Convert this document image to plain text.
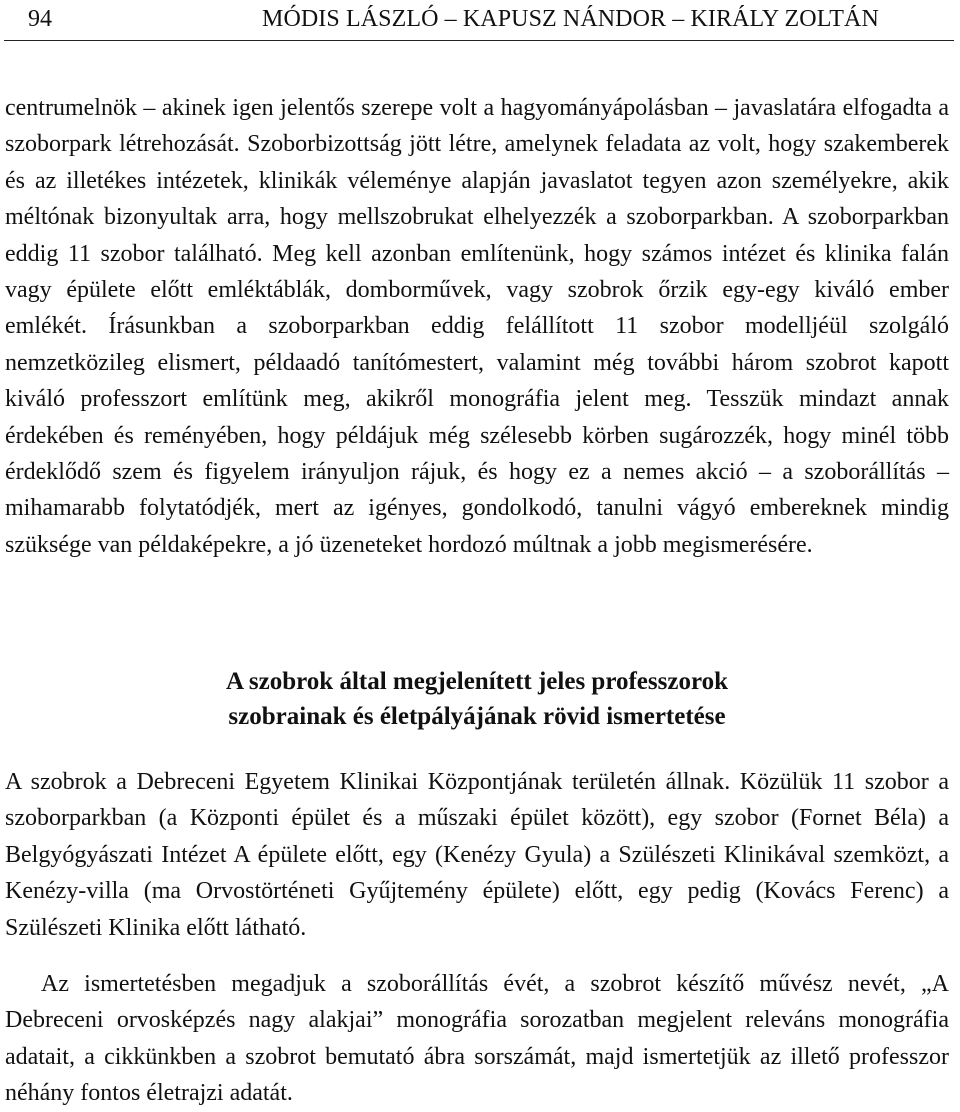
94	MÓDIS LÁSZLÓ – KAPUSZ NÁNDOR – KIRÁLY ZOLTÁN

centrumelnök – akinek igen jelentős szerepe volt a hagyományápolásban – javaslatára elfogadta a szoborpark létrehozását. Szoborbizottság jött létre, amelynek feladata az volt, hogy szakemberek és az illetékes intézetek, klinikák véleménye alapján javaslatot tegyen azon személyekre, akik méltónak bizonyultak arra, hogy mellszobrukat elhelyezzék a szoborparkban. A szoborparkban eddig 11 szobor található. Meg kell azonban említenünk, hogy számos intézet és klinika falán vagy épülete előtt emléktáblák, domborművek, vagy szobrok őrzik egy-egy kiváló ember emlékét. Írásunkban a szoborparkban eddig felállított 11 szobor modelljéül szolgáló nemzetközileg elismert, példaadó tanítómestert, valamint még további három szobrot kapott kiváló professzort említünk meg, akikről monográfia jelent meg. Tesszük mindazt annak érdekében és reményében, hogy példájuk még szélesebb körben sugározzék, hogy minél több érdeklődő szem és figyelem irányuljon rájuk, és hogy ez a nemes akció – a szoborállítás – mihamarabb folytatódjék, mert az igényes, gondolkodó, tanulni vágyó embereknek mindig szüksége van példaképekre, a jó üzeneteket hordozó múltnak a jobb megismerésére.

A szobrok által megjelenített jeles professzorok
szobrainak és életpályájának rövid ismertetése

A szobrok a Debreceni Egyetem Klinikai Központjának területén állnak. Közülük 11 szobor a szoborparkban (a Központi épület és a műszaki épület között), egy szobor (Fornet Béla) a Belgyógyászati Intézet A épülete előtt, egy (Kenézy Gyula) a Szülészeti Klinikával szemközt, a Kenézy-villa (ma Orvostörténeti Gyűjtemény épülete) előtt, egy pedig (Kovács Ferenc) a Szülészeti Klinika előtt látható.

Az ismertetésben megadjuk a szoborállítás évét, a szobrot készítő művész nevét, „A Debreceni orvosképzés nagy alakjai” monográfia sorozatban megjelent releváns monográfia adatait, a cikkünkben a szobrot bemutató ábra sorszámát, majd ismertetjük az illető professzor néhány fontos életrajzi adatát.
